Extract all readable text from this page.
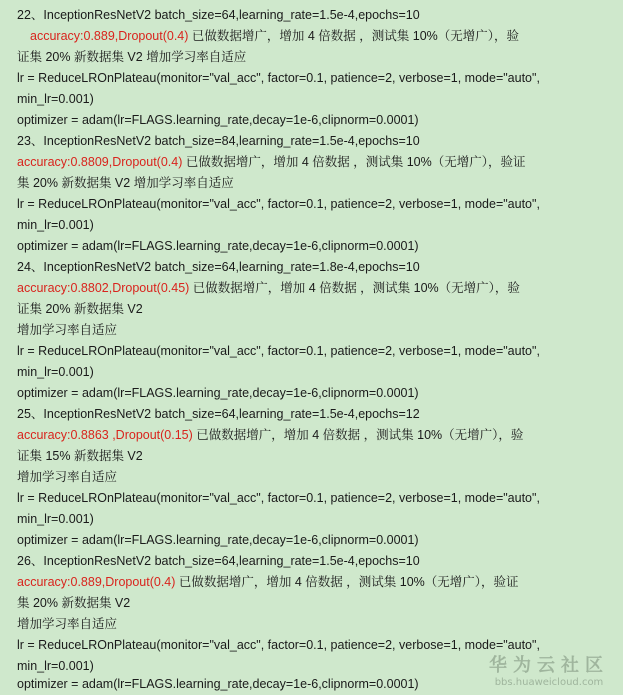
22、InceptionResNetV2 batch_size=64,learning_rate=1.5e-4,epochs=10
accuracy:0.889,Dropout(0.4) 已做数据增广，增加 4 倍数据 ，测试集 10%（无增广），验
证集 20% 新数据集 V2 增加学习率自适应
lr = ReduceLROnPlateau(monitor="val_acc", factor=0.1, patience=2, verbose=1, mode="auto",
min_lr=0.001)
optimizer = adam(lr=FLAGS.learning_rate,decay=1e-6,clipnorm=0.0001)
23、InceptionResNetV2 batch_size=84,learning_rate=1.5e-4,epochs=10
accuracy:0.8809,Dropout(0.4) 已做数据增广，增加 4 倍数据 ，测试集 10%（无增广），验证
集 20% 新数据集 V2 增加学习率自适应
lr = ReduceLROnPlateau(monitor="val_acc", factor=0.1, patience=2, verbose=1, mode="auto",
min_lr=0.001)
optimizer = adam(lr=FLAGS.learning_rate,decay=1e-6,clipnorm=0.0001)
24、InceptionResNetV2 batch_size=64,learning_rate=1.8e-4,epochs=10
accuracy:0.8802,Dropout(0.45) 已做数据增广，增加 4 倍数据 ，测试集 10%（无增广），验
证集 20% 新数据集 V2
增加学习率自适应
lr = ReduceLROnPlateau(monitor="val_acc", factor=0.1, patience=2, verbose=1, mode="auto",
min_lr=0.001)
optimizer = adam(lr=FLAGS.learning_rate,decay=1e-6,clipnorm=0.0001)
25、InceptionResNetV2 batch_size=64,learning_rate=1.5e-4,epochs=12
accuracy:0.8863 ,Dropout(0.15) 已做数据增广，增加 4 倍数据 ，测试集 10%（无增广），验
证集 15% 新数据集 V2
增加学习率自适应
lr = ReduceLROnPlateau(monitor="val_acc", factor=0.1, patience=2, verbose=1, mode="auto",
min_lr=0.001)
optimizer = adam(lr=FLAGS.learning_rate,decay=1e-6,clipnorm=0.0001)
26、InceptionResNetV2 batch_size=64,learning_rate=1.5e-4,epochs=10
accuracy:0.889,Dropout(0.4) 已做数据增广，增加 4 倍数据 ，测试集 10%（无增广），验证
集 20% 新数据集 V2
增加学习率自适应
lr = ReduceLROnPlateau(monitor="val_acc", factor=0.1, patience=2, verbose=1, mode="auto",
min_lr=0.001)
optimizer = adam(lr=FLAGS.learning_rate,decay=1e-6,clipnorm=0.0001)
华为云社区
bbs.huaweicloud.com
